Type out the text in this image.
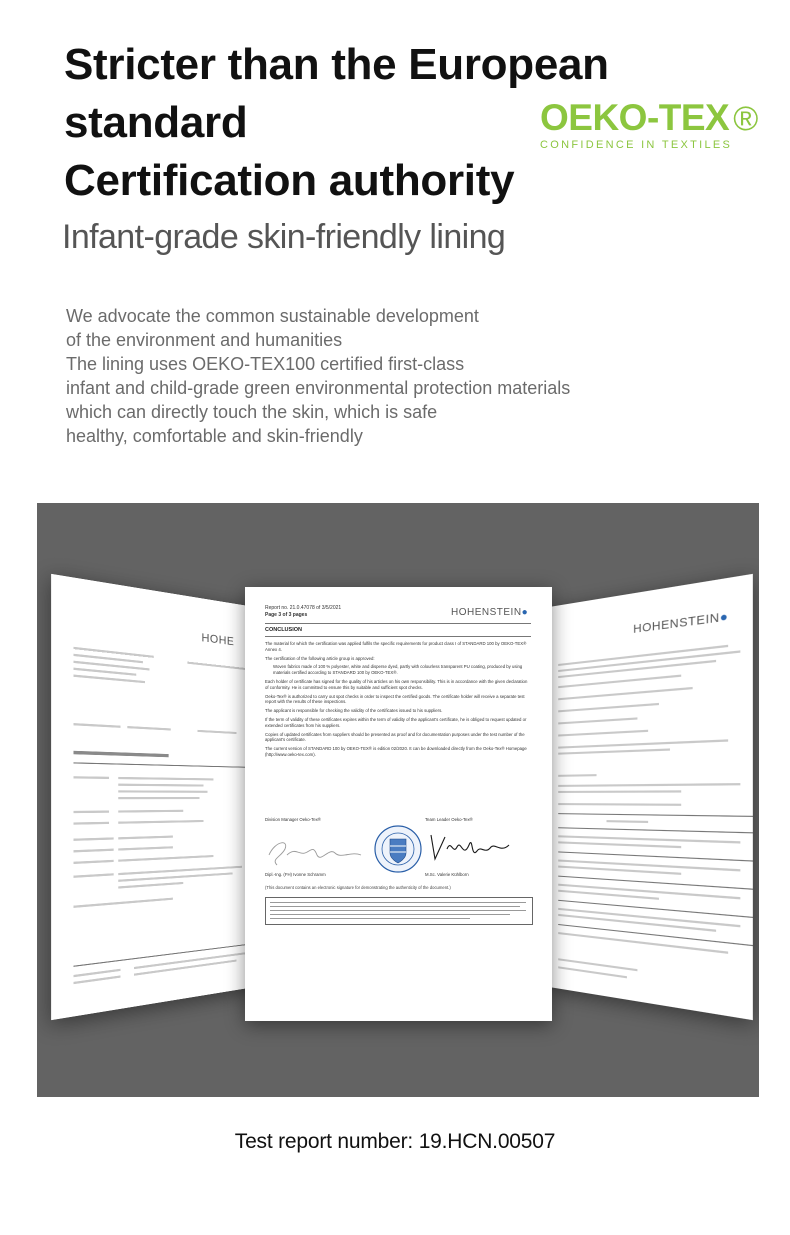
Stricter than the European
standard
Certification authority
OEKO-TEX ®
CONFIDENCE IN TEXTILES
Infant-grade skin-friendly lining
We advocate the common sustainable development
of the environment and humanities
The lining uses OEKO-TEX100 certified first-class
infant and child-grade green environmental protection materials
which can directly touch the skin, which is safe
healthy, comfortable and skin-friendly
HOHE
HOHENSTEIN●
Report no. 21.0.47078 of 3/5/2021
Page 3 of 3 pages	HOHENSTEIN●
CONCLUSION

The material for which the certification was applied fulfils the specific requirements for product class I of STANDARD 100 by OEKO-TEX® Annex 4.

The certification of the following article group is approved:

Woven fabrics made of 100 % polyester, white and disperse dyed, partly with colourless transparent PU coating, produced by using materials certified according to STANDARD 100 by OEKO-TEX®.

Each holder of certificate has signed for the quality of his articles on his own responsibility. This is in accordance with the given declaration of conformity. He is committed to ensure this by suitable and sufficient spot checks.

Oeko-Tex® is authorized to carry out spot checks in order to inspect the certified goods. The certificate holder will receive a separate test report with the results of these inspections.

The applicant is responsible for checking the validity of the certificates issued to his suppliers.

If the term of validity of these certificates expires within the term of validity of the applicant's certificate, he is obliged to request updated or extended certificates from his suppliers.

Copies of updated certificates from suppliers should be presented as proof and for documentation purposes under the test number of the applicant's certificate.

The current version of STANDARD 100 by OEKO-TEX® is edition 02/2020. It can be downloaded directly from the Oeko-Tex® Homepage (http://www.oeko-tex.com).

Division Manager Oeko-Tex®	Team Leader Oeko-Tex®
Dipl.-Ing. (FH) Ivonne Schramm	M.Sc. Valerie Kühlborn
(This document contains an electronic signature for demonstrating the authenticity of the document.)
Test report number: 19.HCN.00507
